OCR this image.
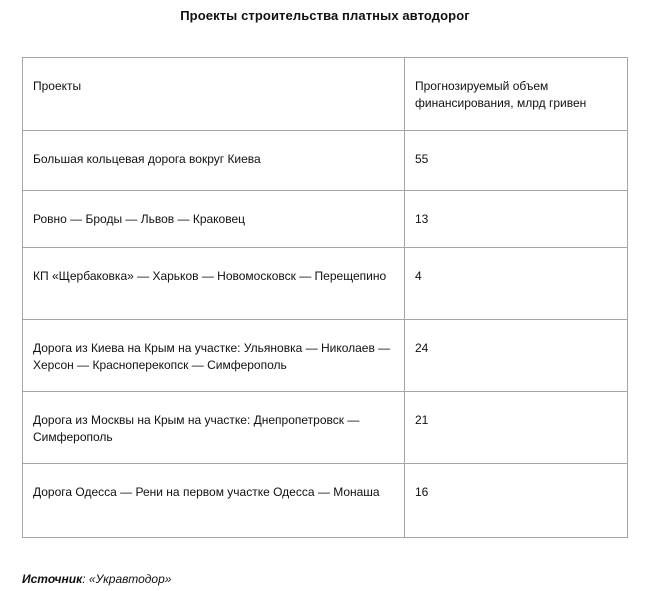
Проекты строительства платных автодорог
Проекты	Прогнозируемый объем финансирования, млрд гривен
Большая кольцевая дорога вокруг Киева	55
Ровно — Броды — Львов — Краковец	13
КП «Щербаковка» — Харьков — Новомосковск — Перещепино	4
Дорога из Киева на Крым на участке: Ульяновка — Николаев — Херсон — Красноперекопск — Симферополь	24
Дорога из Москвы на Крым на участке: Днепропетровск — Симферополь	21
Дорога Одесса — Рени на первом участке Одесса — Монаша	16
Источник: «Укравтодор»
